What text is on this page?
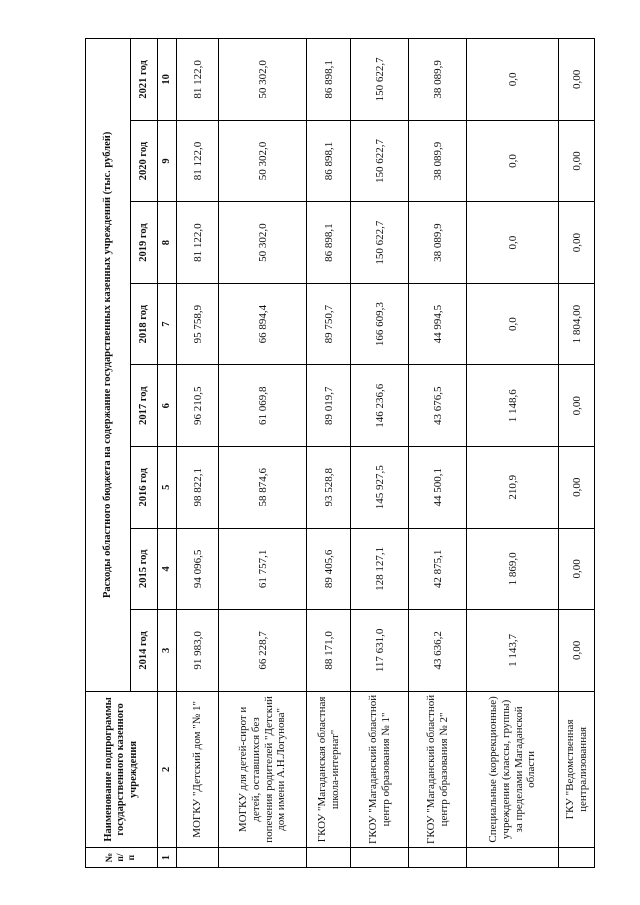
№ п/п	Наименование подпрограммы государственного казенного учреждения	Расходы областного бюджета на содержание государственных казенных учреждений (тыс. рублей)							
		2014 год	2015 год	2016 год	2017 год	2018 год	2019 год	2020 год	2021 год
1	2	3	4	5	6	7	8	9	10
	МОГКУ "Детский дом "№ 1"	91 983,0	94 096,5	98 822,1	96 210,5	95 758,9	81 122,0	81 122,0	81 122,0
	МОГКУ для детей-сирот и детей, оставшихся без попечения родителей "Детский дом имени А.Н.Логунова"	66 228,7	61 757,1	58 874,6	61 069,8	66 894,4	50 302,0	50 302,0	50 302,0
	ГКОУ "Магаданская областная школа-интернат"	88 171,0	89 405,6	93 528,8	89 019,7	89 750,7	86 898,1	86 898,1	86 898,1
	ГКОУ "Магаданский областной центр образования № 1"	117 631,0	128 127,1	145 927,5	146 236,6	166 609,3	150 622,7	150 622,7	150 622,7
	ГКОУ "Магаданский областной центр образования № 2"	43 636,2	42 875,1	44 500,1	43 676,5	44 994,5	38 089,9	38 089,9	38 089,9
	Специальные (коррекционные) учреждения (классы, группы) за пределами Магаданской области	1 143,7	1 869,0	210,9	1 148,6	0,0	0,0	0,0	0,0
	ГКУ "Ведомственная централизованная	0,00	0,00	0,00	0,00	1 804,00	0,00	0,00	0,00
